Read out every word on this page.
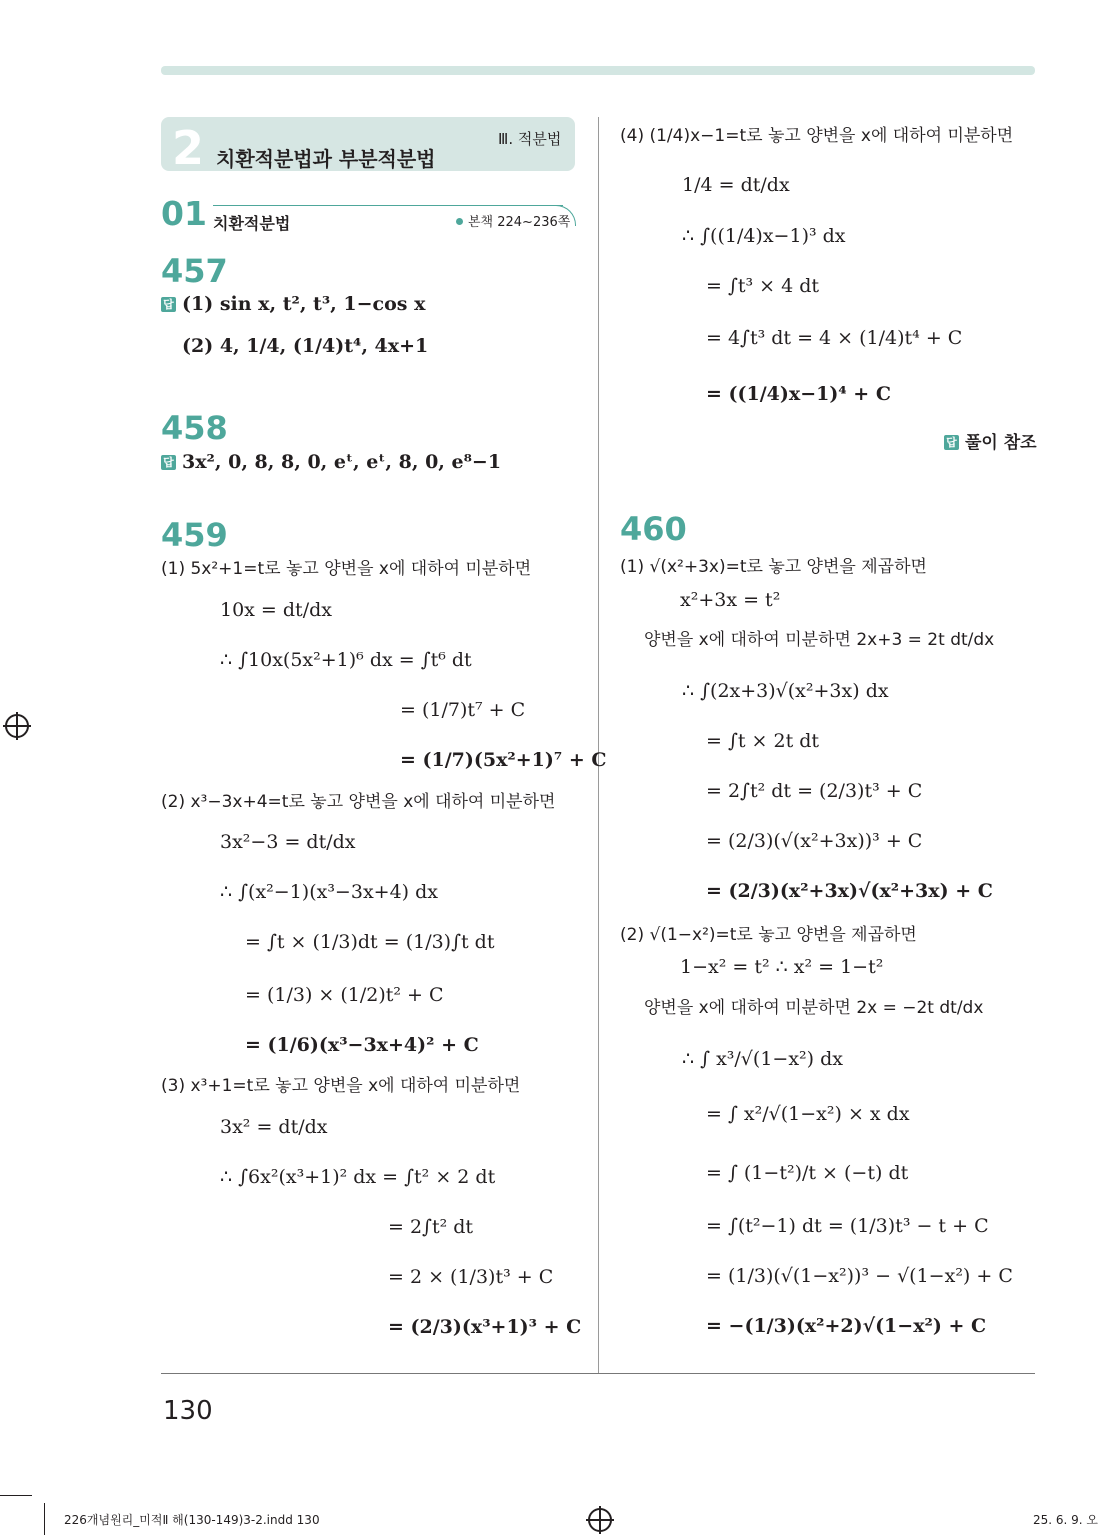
2 치환적분법과 부분적분법
Ⅲ. 적분법
01 치환적분법	본책 224~236쪽
457
답 (1) sin x, t², t³, 1−cos x
(2) 4, 1/4, (1/4)t⁴, 4x+1
458
답 3x², 0, 8, 8, 0, eᵗ, eᵗ, 8, 0, e⁸−1
459
(1) 5x²+1=t로 놓고 양변을 x에 대하여 미분하면
10x = dt/dx
∴ ∫10x(5x²+1)⁶ dx = ∫t⁶ dt
= (1/7)t⁷ + C
= (1/7)(5x²+1)⁷ + C
(2) x³−3x+4=t로 놓고 양변을 x에 대하여 미분하면
3x²−3 = dt/dx
∴ ∫(x²−1)(x³−3x+4) dx
= ∫t × (1/3)dt = (1/3)∫t dt
= (1/3) × (1/2)t² + C
= (1/6)(x³−3x+4)² + C
(3) x³+1=t로 놓고 양변을 x에 대하여 미분하면
3x² = dt/dx
∴ ∫6x²(x³+1)² dx = ∫t² × 2 dt
= 2∫t² dt
= 2 × (1/3)t³ + C
= (2/3)(x³+1)³ + C
(4) (1/4)x−1=t로 놓고 양변을 x에 대하여 미분하면
1/4 = dt/dx
∴ ∫((1/4)x−1)³ dx
= ∫t³ × 4 dt
= 4∫t³ dt = 4 × (1/4)t⁴ + C
= ((1/4)x−1)⁴ + C
답 풀이 참조
460
(1) √(x²+3x)=t로 놓고 양변을 제곱하면
x²+3x = t²
양변을 x에 대하여 미분하면 2x+3 = 2t dt/dx
∴ ∫(2x+3)√(x²+3x) dx
= ∫t × 2t dt
= 2∫t² dt = (2/3)t³ + C
= (2/3)(√(x²+3x))³ + C
= (2/3)(x²+3x)√(x²+3x) + C
(2) √(1−x²)=t로 놓고 양변을 제곱하면
1−x² = t² ∴ x² = 1−t²
양변을 x에 대하여 미분하면 2x = −2t dt/dx
∴ ∫ x³/√(1−x²) dx
= ∫ x²/√(1−x²) × x dx
= ∫ (1−t²)/t × (−t) dt
= ∫(t²−1) dt = (1/3)t³ − t + C
= (1/3)(√(1−x²))³ − √(1−x²) + C
= −(1/3)(x²+2)√(1−x²) + C
130
226개념원리_미적Ⅱ 해(130-149)3-2.indd 130	25. 6. 9. 오
